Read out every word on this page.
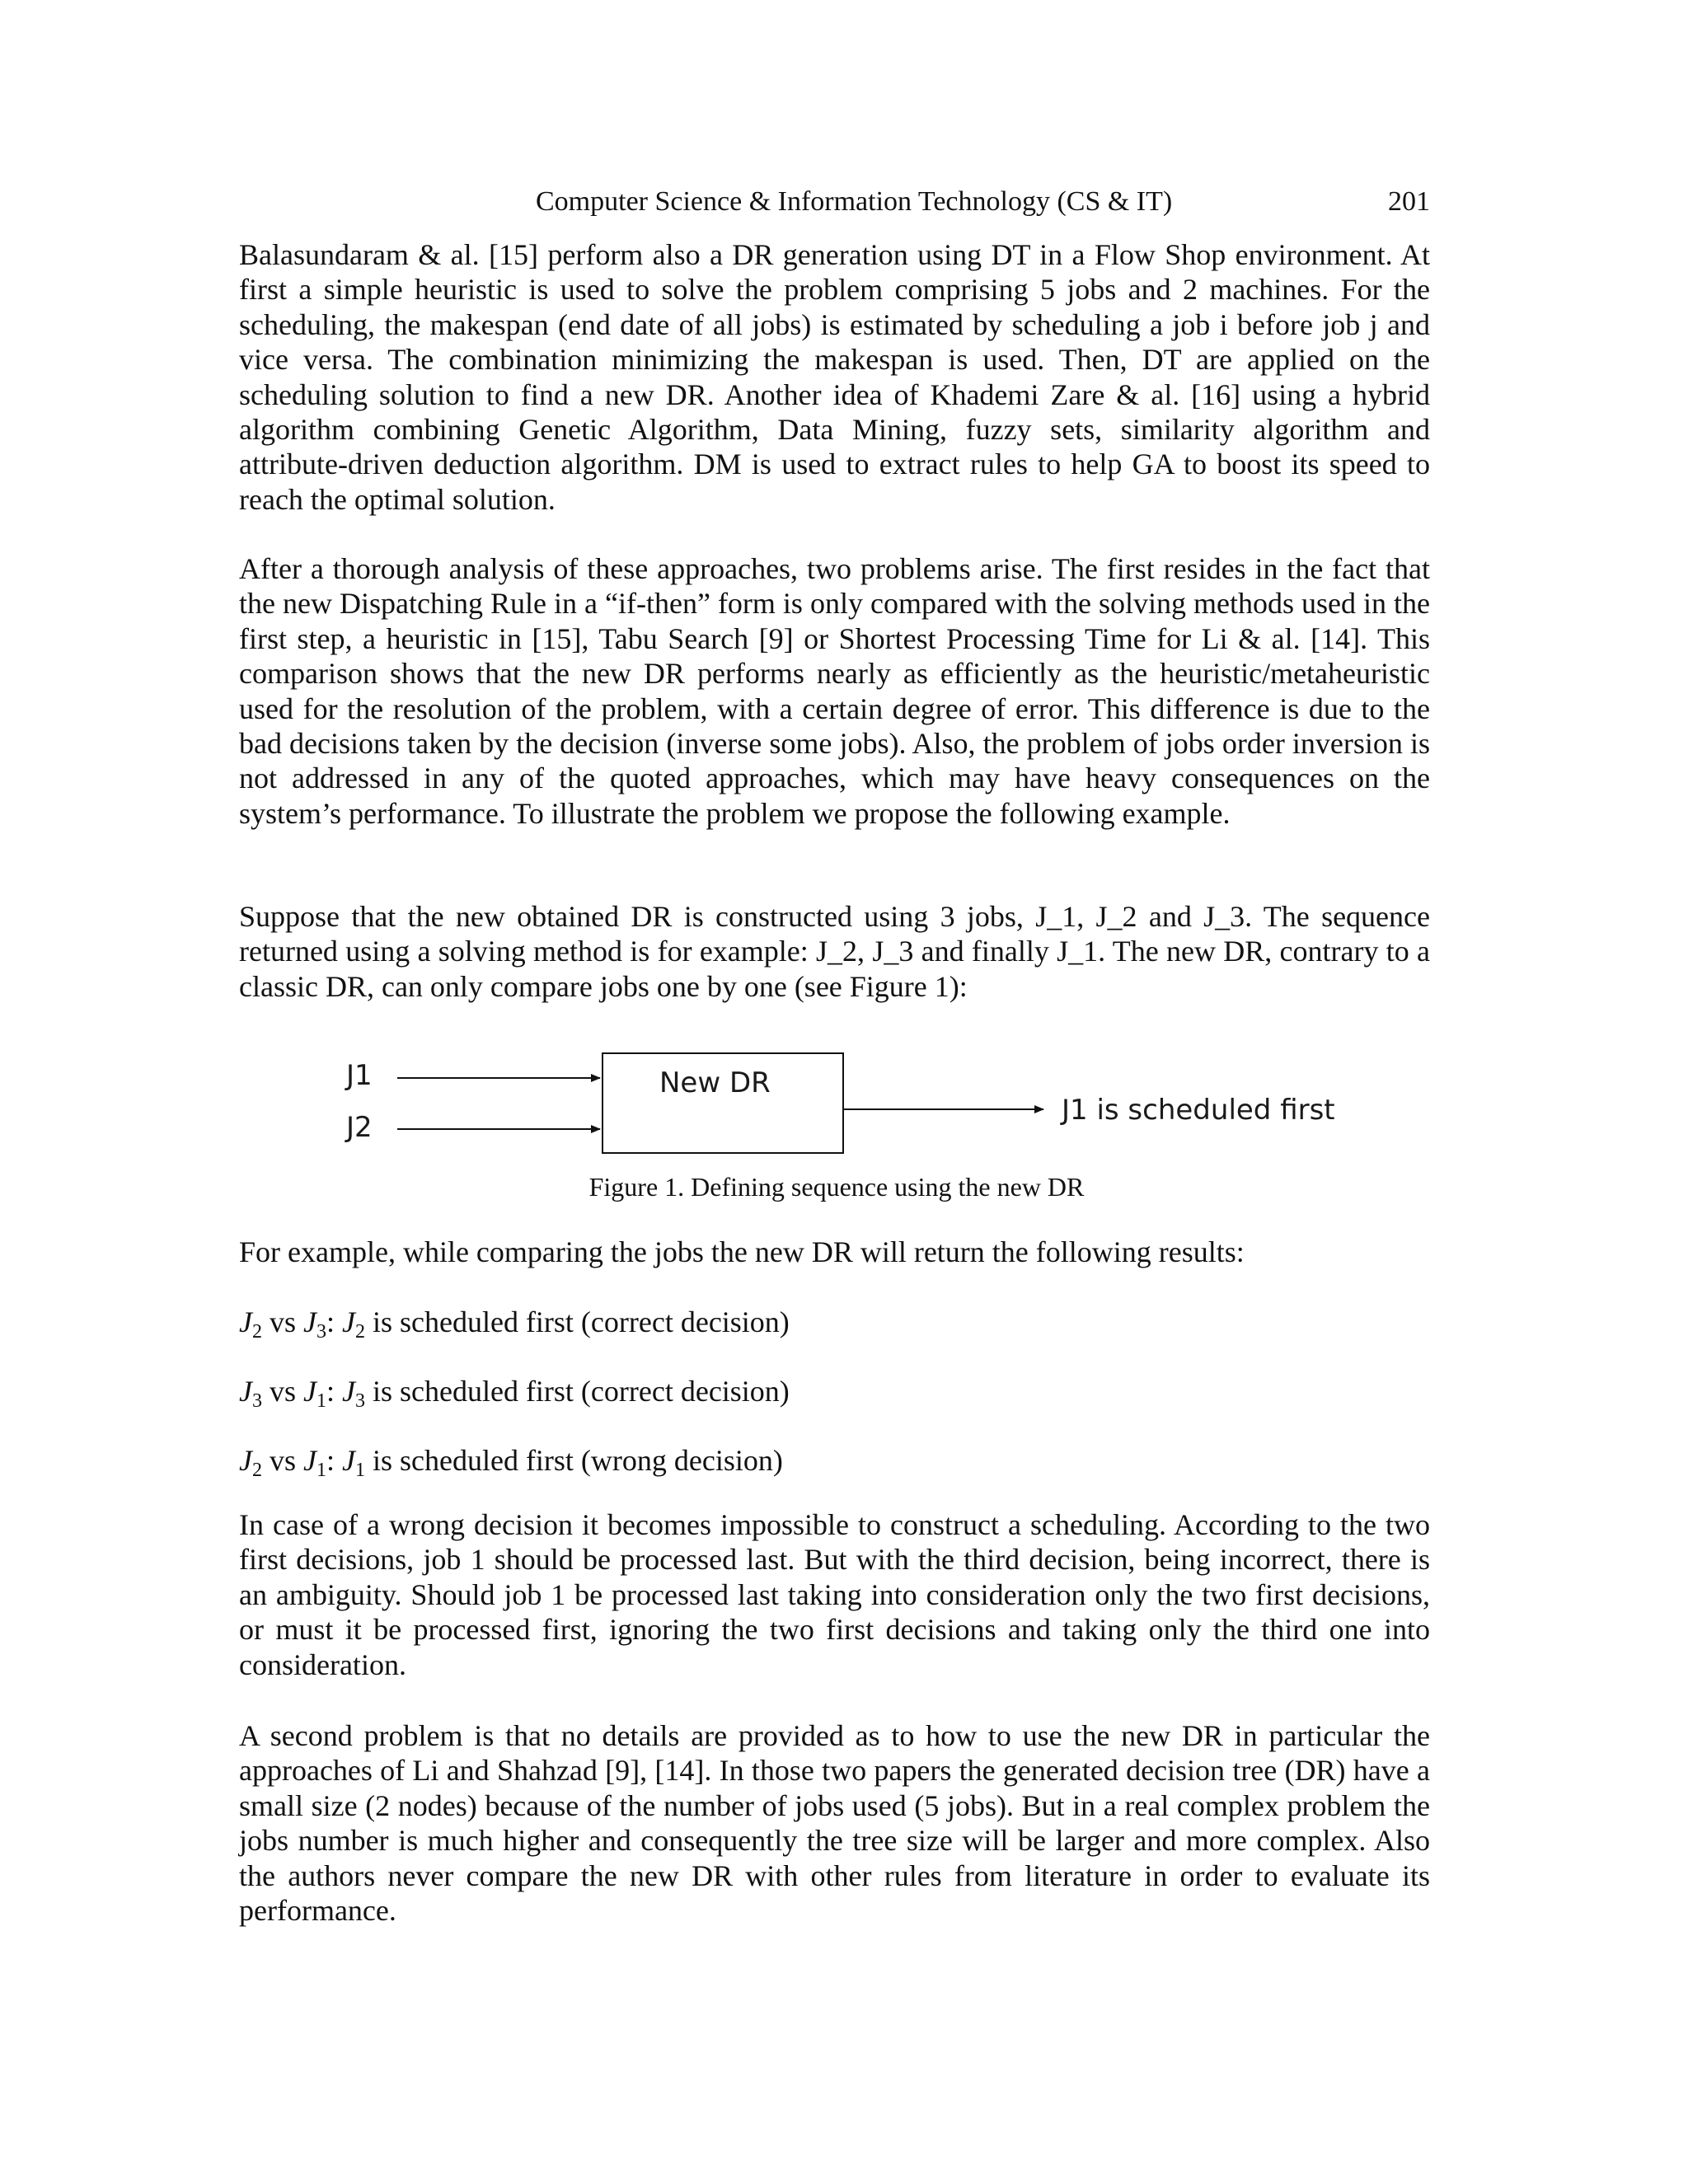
Computer Science & Information Technology (CS & IT)	201

Balasundaram & al. [15] perform also a DR generation using DT in a Flow Shop environment. At first a simple heuristic is used to solve the problem comprising 5 jobs and 2 machines. For the scheduling, the makespan (end date of all jobs) is estimated by scheduling a job i before job j and vice versa. The combination minimizing the makespan is used. Then, DT are applied on the scheduling solution to find a new DR. Another idea of Khademi Zare & al. [16] using a hybrid algorithm combining Genetic Algorithm, Data Mining, fuzzy sets, similarity algorithm and attribute-driven deduction algorithm. DM is used to extract rules to help GA to boost its speed to reach the optimal solution.

After a thorough analysis of these approaches, two problems arise. The first resides in the fact that the new Dispatching Rule in a “if-then” form is only compared with the solving methods used in the first step, a heuristic in [15], Tabu Search [9] or Shortest Processing Time for Li & al. [14]. This comparison shows that the new DR performs nearly as efficiently as the heuristic/metaheuristic used for the resolution of the problem, with a certain degree of error. This difference is due to the bad decisions taken by the decision (inverse some jobs). Also, the problem of jobs order inversion is not addressed in any of the quoted approaches, which may have heavy consequences on the system’s performance. To illustrate the problem we propose the following example.

Suppose that the new obtained DR is constructed using 3 jobs, J_1, J_2 and J_3. The sequence returned using a solving method is for example: J_2, J_3 and finally J_1. The new DR, contrary to a classic DR, can only compare jobs one by one (see Figure 1):

J1
J2
New DR
J1 is scheduled first
Figure 1. Defining sequence using the new DR

For example, while comparing the jobs the new DR will return the following results:

$J_2$ vs $J_3$: $J_2$ is scheduled first (correct decision)
$J_3$ vs $J_1$: $J_3$ is scheduled first (correct decision)
$J_2$ vs $J_1$: $J_1$ is scheduled first (wrong decision)

In case of a wrong decision it becomes impossible to construct a scheduling. According to the two first decisions, job 1 should be processed last. But with the third decision, being incorrect, there is an ambiguity. Should job 1 be processed last taking into consideration only the two first decisions, or must it be processed first, ignoring the two first decisions and taking only the third one into consideration.

A second problem is that no details are provided as to how to use the new DR in particular the approaches of Li and Shahzad [9], [14]. In those two papers the generated decision tree (DR) have a small size (2 nodes) because of the number of jobs used (5 jobs). But in a real complex problem the jobs number is much higher and consequently the tree size will be larger and more complex. Also the authors never compare the new DR with other rules from literature in order to evaluate its performance.
